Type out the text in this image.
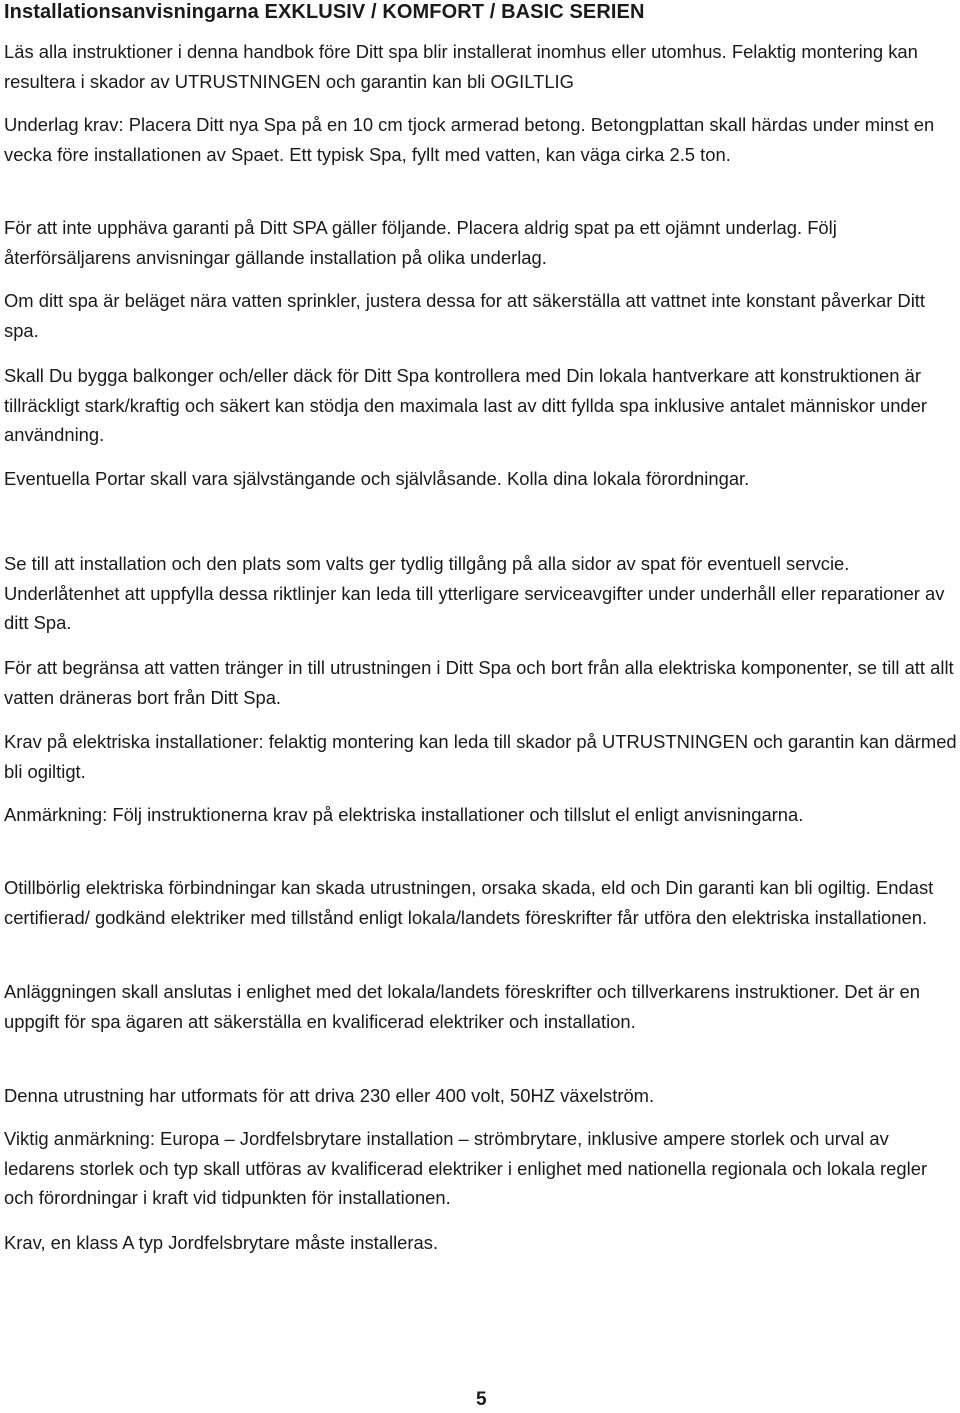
Installationsanvisningarna EXKLUSIV / KOMFORT / BASIC SERIEN

Läs alla instruktioner i denna handbok före Ditt spa blir installerat inomhus eller utomhus. Felaktig montering kan resultera i skador av UTRUSTNINGEN och garantin kan bli OGILTLIG

Underlag krav: Placera Ditt nya Spa på en 10 cm tjock armerad betong. Betongplattan skall härdas under minst en vecka före installationen av Spaet. Ett typisk Spa, fyllt med vatten, kan väga cirka 2.5 ton.

För att inte upphäva garanti på Ditt SPA gäller följande. Placera aldrig spat pa ett ojämnt underlag. Följ återförsäljarens anvisningar gällande installation på olika underlag.

Om ditt spa är beläget nära vatten sprinkler, justera dessa for att säkerställa att vattnet inte konstant påverkar Ditt spa.

Skall Du bygga balkonger och/eller däck för Ditt Spa kontrollera med Din lokala hantverkare att konstruktionen är tillräckligt stark/kraftig och säkert kan stödja den maximala last av ditt fyllda spa inklusive antalet människor under användning.

Eventuella Portar skall vara självstängande och självlåsande. Kolla dina lokala förordningar.

Se till att installation och den plats som valts ger tydlig tillgång på alla sidor av spat för eventuell servcie. Underlåtenhet att uppfylla dessa riktlinjer kan leda till ytterligare serviceavgifter under underhåll eller reparationer av ditt Spa.

För att begränsa att vatten tränger in till utrustningen i Ditt Spa och bort från alla elektriska komponenter, se till att allt vatten dräneras bort från Ditt Spa.

Krav på elektriska installationer: felaktig montering kan leda till skador på UTRUSTNINGEN och garantin kan därmed bli ogiltigt.

Anmärkning: Följ instruktionerna krav på elektriska installationer och tillslut el enligt anvisningarna.

Otillbörlig elektriska förbindningar kan skada utrustningen, orsaka skada, eld och Din garanti kan bli ogiltig. Endast certifierad/ godkänd elektriker med tillstånd enligt lokala/landets föreskrifter får utföra den elektriska installationen.

Anläggningen skall anslutas i enlighet med det lokala/landets föreskrifter och tillverkarens instruktioner. Det är en uppgift för spa ägaren att säkerställa en kvalificerad elektriker och installation.

Denna utrustning har utformats för att driva 230 eller 400 volt, 50HZ växelström.

Viktig anmärkning: Europa – Jordfelsbrytare installation – strömbrytare, inklusive ampere storlek och urval av ledarens storlek och typ skall utföras av kvalificerad elektriker i enlighet med nationella regionala och lokala regler och förordningar i kraft vid tidpunkten för installationen.

Krav, en klass A typ Jordfelsbrytare måste installeras.

5
